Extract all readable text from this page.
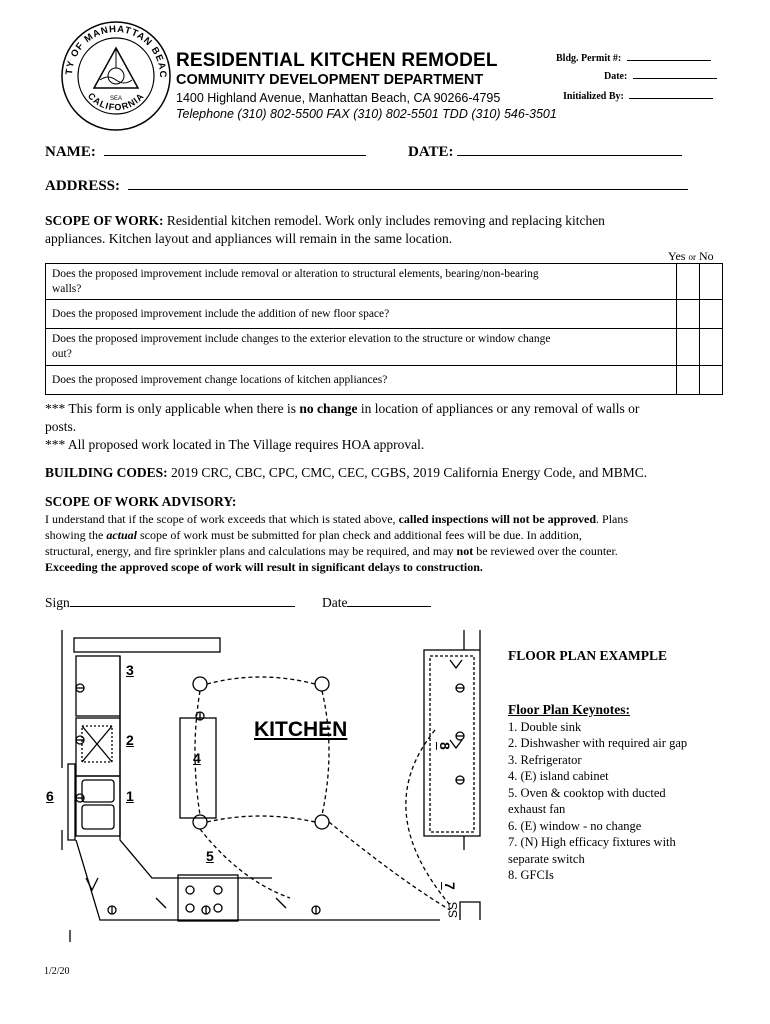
TY OF MANHATTAN BEAC
CALIFORNIA
SEA
RESIDENTIAL KITCHEN REMODEL
COMMUNITY DEVELOPMENT DEPARTMENT
1400 Highland Avenue, Manhattan Beach, CA 90266-4795
Telephone (310) 802-5500 FAX (310) 802-5501 TDD (310) 546-3501
Bldg. Permit #:
Date:
Initialized By:
NAME:	DATE:
ADDRESS:
SCOPE OF WORK: Residential kitchen remodel. Work only includes removing and replacing kitchen
appliances. Kitchen layout and appliances will remain in the same location.
Yes or No
Does the proposed improvement include removal or alteration to structural elements, bearing/non-bearing
walls?		
Does the proposed improvement include the addition of new floor space?		
Does the proposed improvement include changes to the exterior elevation to the structure or window change
out?		
Does the proposed improvement change locations of kitchen appliances?		
*** This form is only applicable when there is no change in location of appliances or any removal of walls or
posts.
*** All proposed work located in The Village requires HOA approval.
BUILDING CODES: 2019 CRC, CBC, CPC, CMC, CEC, CGBS, 2019 California Energy Code, and MBMC.
SCOPE OF WORK ADVISORY:
I understand that if the scope of work exceeds that which is stated above, called inspections will not be approved. Plans
showing the actual scope of work must be submitted for plan check and additional fees will be due. In addition,
structural, energy, and fire sprinkler plans and calculations may be required, and may not be reviewed over the counter.
Exceeding the approved scope of work will result in significant delays to construction.
Sign	Date
KITCHEN
3
2
1
6
4
5
8
7
SS
FLOOR PLAN EXAMPLE
Floor Plan Keynotes:
1. Double sink
2. Dishwasher with required air gap
3. Refrigerator
4. (E) island cabinet
5. Oven & cooktop with ducted
exhaust fan
6. (E) window - no change
7. (N) High efficacy fixtures with
separate switch
8. GFCIs
1/2/20
